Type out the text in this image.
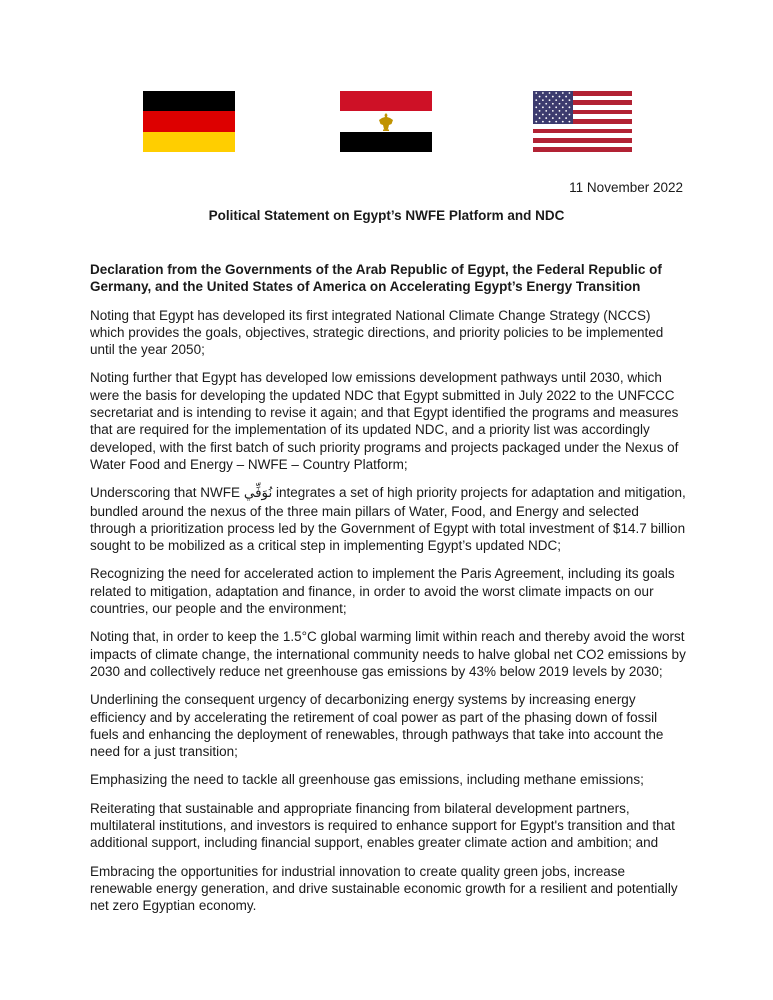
11 November 2022
Political Statement on Egypt’s NWFE Platform and NDC

Declaration from the Governments of the Arab Republic of Egypt, the Federal Republic of Germany, and the United States of America on Accelerating Egypt’s Energy Transition

Noting that Egypt has developed its first integrated National Climate Change Strategy (NCCS) which provides the goals, objectives, strategic directions, and priority policies to be implemented until the year 2050;

Noting further that Egypt has developed low emissions development pathways until 2030, which were the basis for developing the updated NDC that Egypt submitted in July 2022 to the UNFCCC secretariat and is intending to revise it again; and that Egypt identified the programs and measures that are required for the implementation of its updated NDC, and a priority list was accordingly developed, with the first batch of such priority programs and projects packaged under the Nexus of Water Food and Energy – NWFE – Country Platform;

Underscoring that NWFE نُوَفِّي integrates a set of high priority projects for adaptation and mitigation, bundled around the nexus of the three main pillars of Water, Food, and Energy and selected through a prioritization process led by the Government of Egypt with total investment of $14.7 billion sought to be mobilized as a critical step in implementing Egypt’s updated NDC;

Recognizing the need for accelerated action to implement the Paris Agreement, including its goals related to mitigation, adaptation and finance, in order to avoid the worst climate impacts on our countries, our people and the environment;

Noting that, in order to keep the 1.5°C global warming limit within reach and thereby avoid the worst impacts of climate change, the international community needs to halve global net CO2 emissions by 2030 and collectively reduce net greenhouse gas emissions by 43% below 2019 levels by 2030;

Underlining the consequent urgency of decarbonizing energy systems by increasing energy efficiency and by accelerating the retirement of coal power as part of the phasing down of fossil fuels and enhancing the deployment of renewables, through pathways that take into account the need for a just transition;

Emphasizing the need to tackle all greenhouse gas emissions, including methane emissions;

Reiterating that sustainable and appropriate financing from bilateral development partners, multilateral institutions, and investors is required to enhance support for Egypt's transition and that additional support, including financial support, enables greater climate action and ambition; and

Embracing the opportunities for industrial innovation to create quality green jobs, increase renewable energy generation, and drive sustainable economic growth for a resilient and potentially net zero Egyptian economy.
